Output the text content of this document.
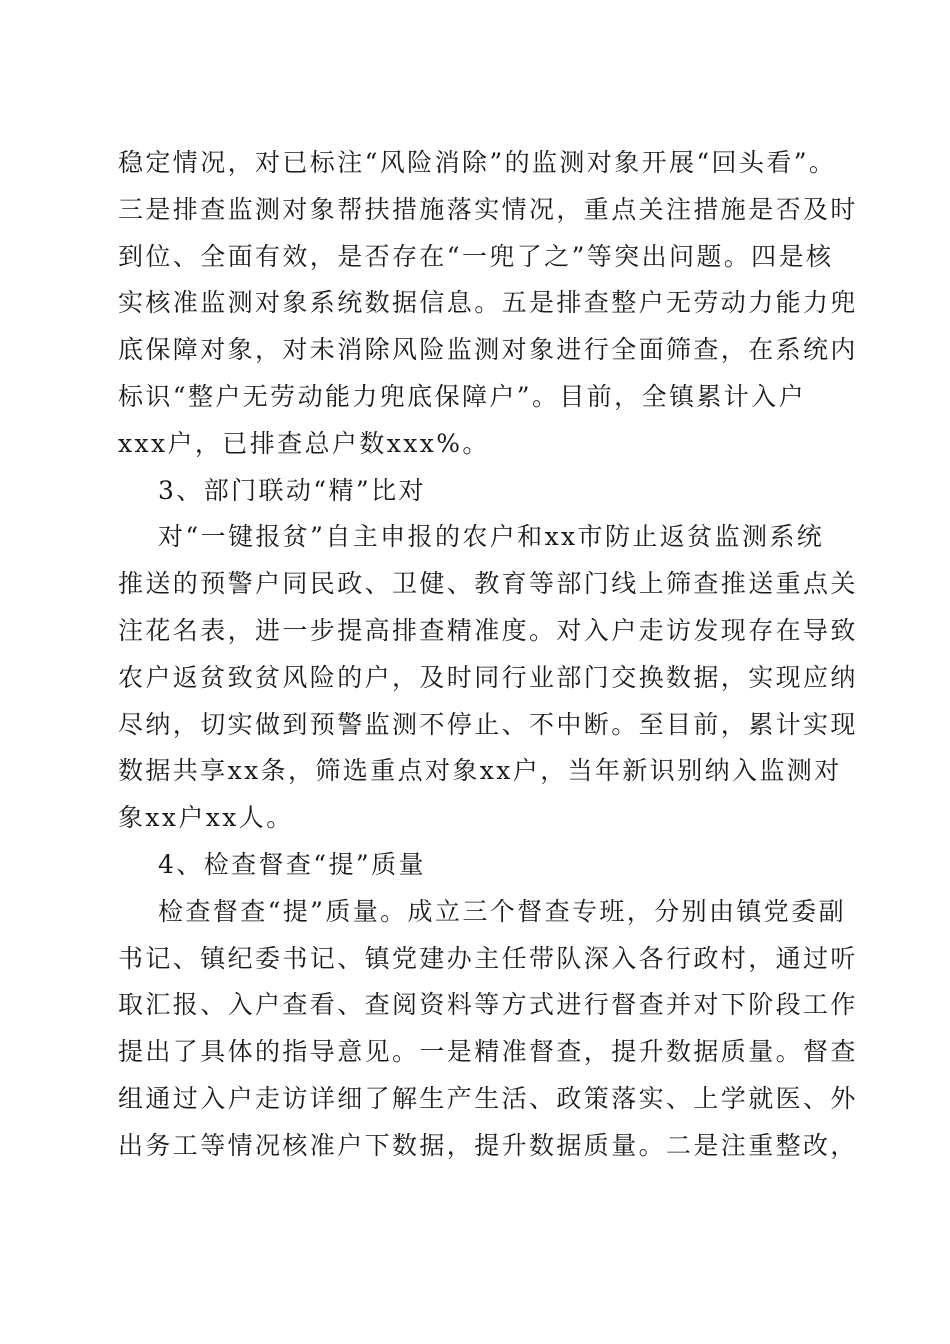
稳定情况，对已标注“风险消除”的监测对象开展“回头看”。
三是排查监测对象帮扶措施落实情况，重点关注措施是否及时
到位、全面有效，是否存在“一兜了之”等突出问题。四是核
实核准监测对象系统数据信息。五是排查整户无劳动力能力兜
底保障对象，对未消除风险监测对象进行全面筛查，在系统内
标识“整户无劳动能力兜底保障户”。目前，全镇累计入户
xxx户，已排查总户数xxx%。
3、部门联动“精”比对
对“一键报贫”自主申报的农户和xx市防止返贫监测系统
推送的预警户同民政、卫健、教育等部门线上筛查推送重点关
注花名表，进一步提高排查精准度。对入户走访发现存在导致
农户返贫致贫风险的户，及时同行业部门交换数据，实现应纳
尽纳，切实做到预警监测不停止、不中断。至目前，累计实现
数据共享xx条，筛选重点对象xx户，当年新识别纳入监测对
象xx户xx人。
4、检查督查“提”质量
检查督查“提”质量。成立三个督查专班，分别由镇党委副
书记、镇纪委书记、镇党建办主任带队深入各行政村，通过听
取汇报、入户查看、查阅资料等方式进行督查并对下阶段工作
提出了具体的指导意见。一是精准督查，提升数据质量。督查
组通过入户走访详细了解生产生活、政策落实、上学就医、外
出务工等情况核准户下数据，提升数据质量。二是注重整改，
